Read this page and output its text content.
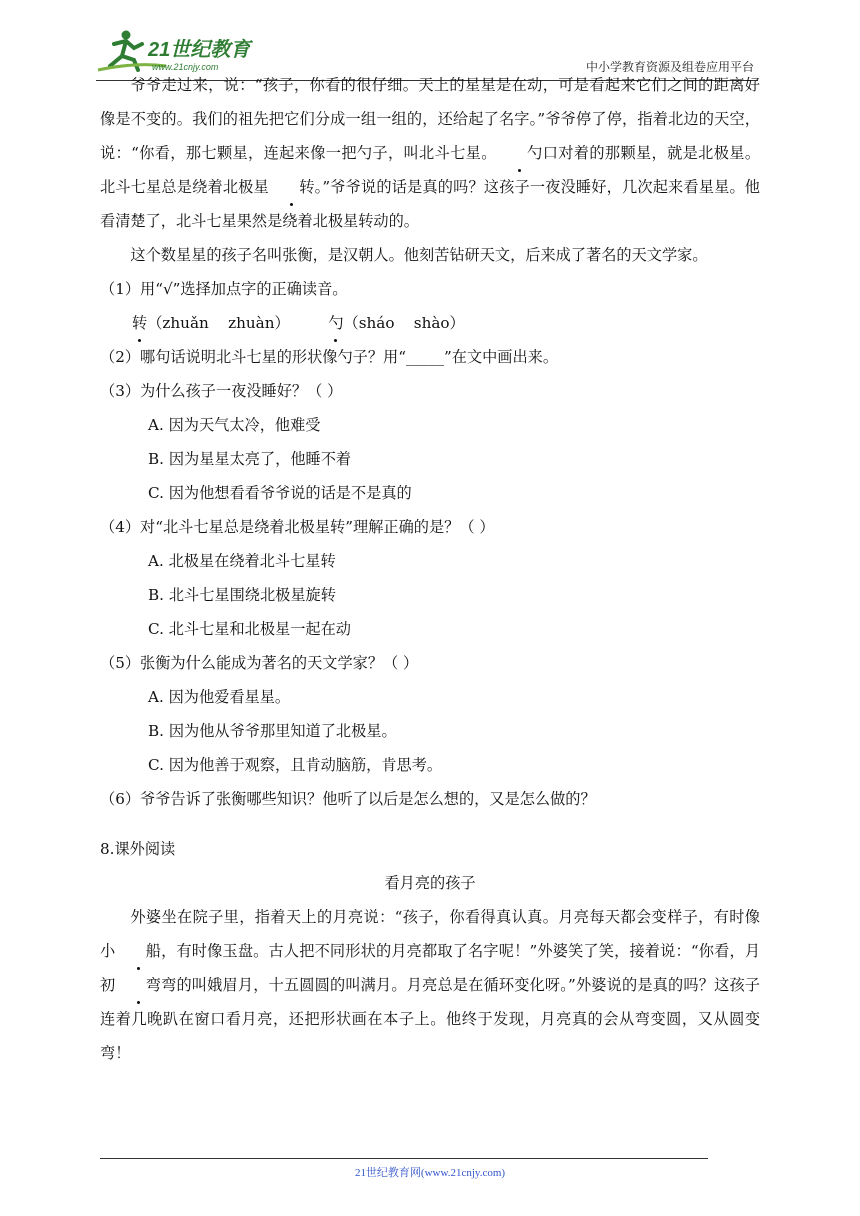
21世纪教育
www.21cnjy.com	中小学教育资源及组卷应用平台

爷爷走过来，说：“孩子，你看的很仔细。天上的星星是在动，可是看起来它们之间的距离好像是不变的。我们的祖先把它们分成一组一组的，还给起了名字。”爷爷停了停，指着北边的天空，说：“你看，那七颗星，连起来像一把勺子，叫北斗七星。 勺口对着的那颗星，就是北极星。北斗七星总是绕着北极星 转。”爷爷说的话是真的吗？这孩子一夜没睡好，几次起来看星星。他看清楚了，北斗七星果然是绕着北极星转动的。

这个数星星的孩子名叫张衡，是汉朝人。他刻苦钻研天文，后来成了著名的天文学家。

（1）用“√”选择加点字的正确读音。

转（zhuǎn    zhuàn）	勺（sháo    shào）

（2）哪句话说明北斗七星的形状像勺子？用“_____”在文中画出来。

（3）为什么孩子一夜没睡好？（ ）

A. 因为天气太冷，他难受

B. 因为星星太亮了，他睡不着

C. 因为他想看看爷爷说的话是不是真的

（4）对“北斗七星总是绕着北极星转”理解正确的是？（ ）

A. 北极星在绕着北斗七星转

B. 北斗七星围绕北极星旋转

C. 北斗七星和北极星一起在动

（5）张衡为什么能成为著名的天文学家？（ ）

A. 因为他爱看星星。

B. 因为他从爷爷那里知道了北极星。

C. 因为他善于观察，且肯动脑筋，肯思考。

（6）爷爷告诉了张衡哪些知识？他听了以后是怎么想的，又是怎么做的？

8.课外阅读

看月亮的孩子

外婆坐在院子里，指着天上的月亮说：“孩子，你看得真认真。月亮每天都会变样子，有时像小 船，有时像玉盘。古人把不同形状的月亮都取了名字呢！”外婆笑了笑，接着说：“你看，月初 弯弯的叫娥眉月，十五圆圆的叫满月。月亮总是在循环变化呀。”外婆说的是真的吗？这孩子连着几晚趴在窗口看月亮，还把形状画在本子上。他终于发现，月亮真的会从弯变圆，又从圆变弯！

21世纪教育网(www.21cnjy.com)
